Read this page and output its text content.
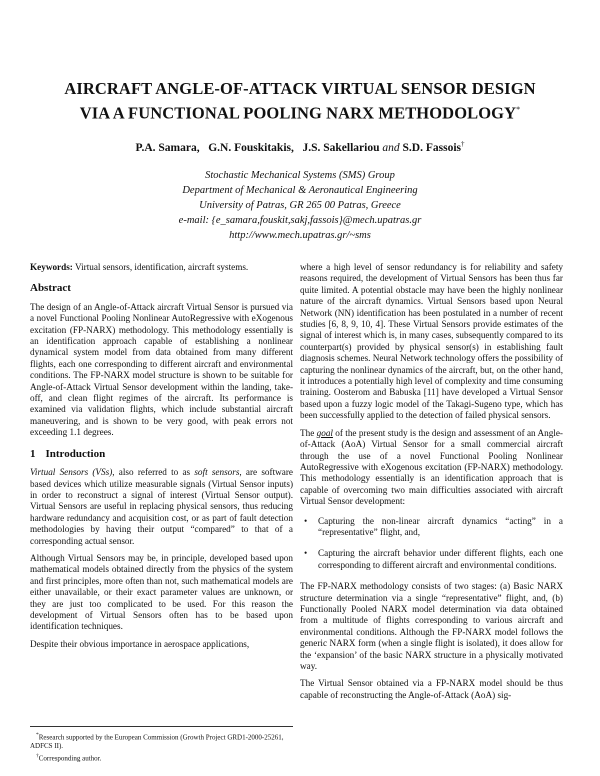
AIRCRAFT ANGLE-OF-ATTACK VIRTUAL SENSOR DESIGN
VIA A FUNCTIONAL POOLING NARX METHODOLOGY*
P.A. Samara, G.N. Fouskitakis, J.S. Sakellariou and S.D. Fassois†
Stochastic Mechanical Systems (SMS) Group
Department of Mechanical & Aeronautical Engineering
University of Patras, GR 265 00 Patras, Greece
e-mail: {e_samara,fouskit,sakj,fassois}@mech.upatras.gr
http://www.mech.upatras.gr/~sms

Keywords: Virtual sensors, identification, aircraft systems.

Abstract

The design of an Angle-of-Attack aircraft Virtual Sensor is pursued via a novel Functional Pooling Nonlinear AutoRegressive with eXogenous excitation (FP-NARX) methodology. This methodology essentially is an identification approach capable of establishing a nonlinear dynamical system model from data obtained from many different flights, each one corresponding to different aircraft and environmental conditions. The FP-NARX model structure is shown to be suitable for Angle-of-Attack Virtual Sensor development within the landing, take-off, and clean flight regimes of the aircraft. Its performance is examined via validation flights, which include substantial aircraft maneuvering, and is shown to be very good, with peak errors not exceeding 1.1 degrees.

1 Introduction

Virtual Sensors (VSs), also referred to as soft sensors, are software based devices which utilize measurable signals (Virtual Sensor inputs) in order to reconstruct a signal of interest (Virtual Sensor output). Virtual Sensors are useful in replacing physical sensors, thus reducing hardware redundancy and acquisition cost, or as part of fault detection methodologies by having their output “compared” to that of a corresponding actual sensor.

Although Virtual Sensors may be, in principle, developed based upon mathematical models obtained directly from the physics of the system and first principles, more often than not, such mathematical models are either unavailable, or their exact parameter values are unknown, or they are just too complicated to be used. For this reason the development of Virtual Sensors often has to be based upon identification techniques.

Despite their obvious importance in aerospace applications,

where a high level of sensor redundancy is for reliability and safety reasons required, the development of Virtual Sensors has been thus far quite limited. A potential obstacle may have been the highly nonlinear nature of the aircraft dynamics. Virtual Sensors based upon Neural Network (NN) identification has been postulated in a number of recent studies [6, 8, 9, 10, 4]. These Virtual Sensors provide estimates of the signal of interest which is, in many cases, subsequently compared to its counterpart(s) provided by physical sensor(s) in establishing fault diagnosis schemes. Neural Network technology offers the possibility of capturing the nonlinear dynamics of the aircraft, but, on the other hand, it introduces a potentially high level of complexity and time consuming training. Oosterom and Babuska [11] have developed a Virtual Sensor based upon a fuzzy logic model of the Takagi-Sugeno type, which has been successfully applied to the detection of failed physical sensors.

The goal of the present study is the design and assessment of an Angle-of-Attack (AoA) Virtual Sensor for a small commercial aircraft through the use of a novel Functional Pooling Nonlinear AutoRegressive with eXogenous excitation (FP-NARX) methodology. This methodology essentially is an identification approach that is capable of overcoming two main difficulties associated with aircraft Virtual Sensor development:

• Capturing the non-linear aircraft dynamics “acting” in a “representative” flight, and,
• Capturing the aircraft behavior under different flights, each one corresponding to different aircraft and environmental conditions.

The FP-NARX methodology consists of two stages: (a) Basic NARX structure determination via a single “representative” flight, and, (b) Functionally Pooled NARX model determination via data obtained from a multitude of flights corresponding to various aircraft and environmental conditions. Although the FP-NARX model follows the generic NARX form (when a single flight is isolated), it does allow for the ‘expansion’ of the basic NARX structure in a physically motivated way.

The Virtual Sensor obtained via a FP-NARX model should be thus capable of reconstructing the Angle-of-Attack (AoA) sig-

*Research supported by the European Commission (Growth Project GRD1-2000-25261, ADFCS II).
†Corresponding author.
